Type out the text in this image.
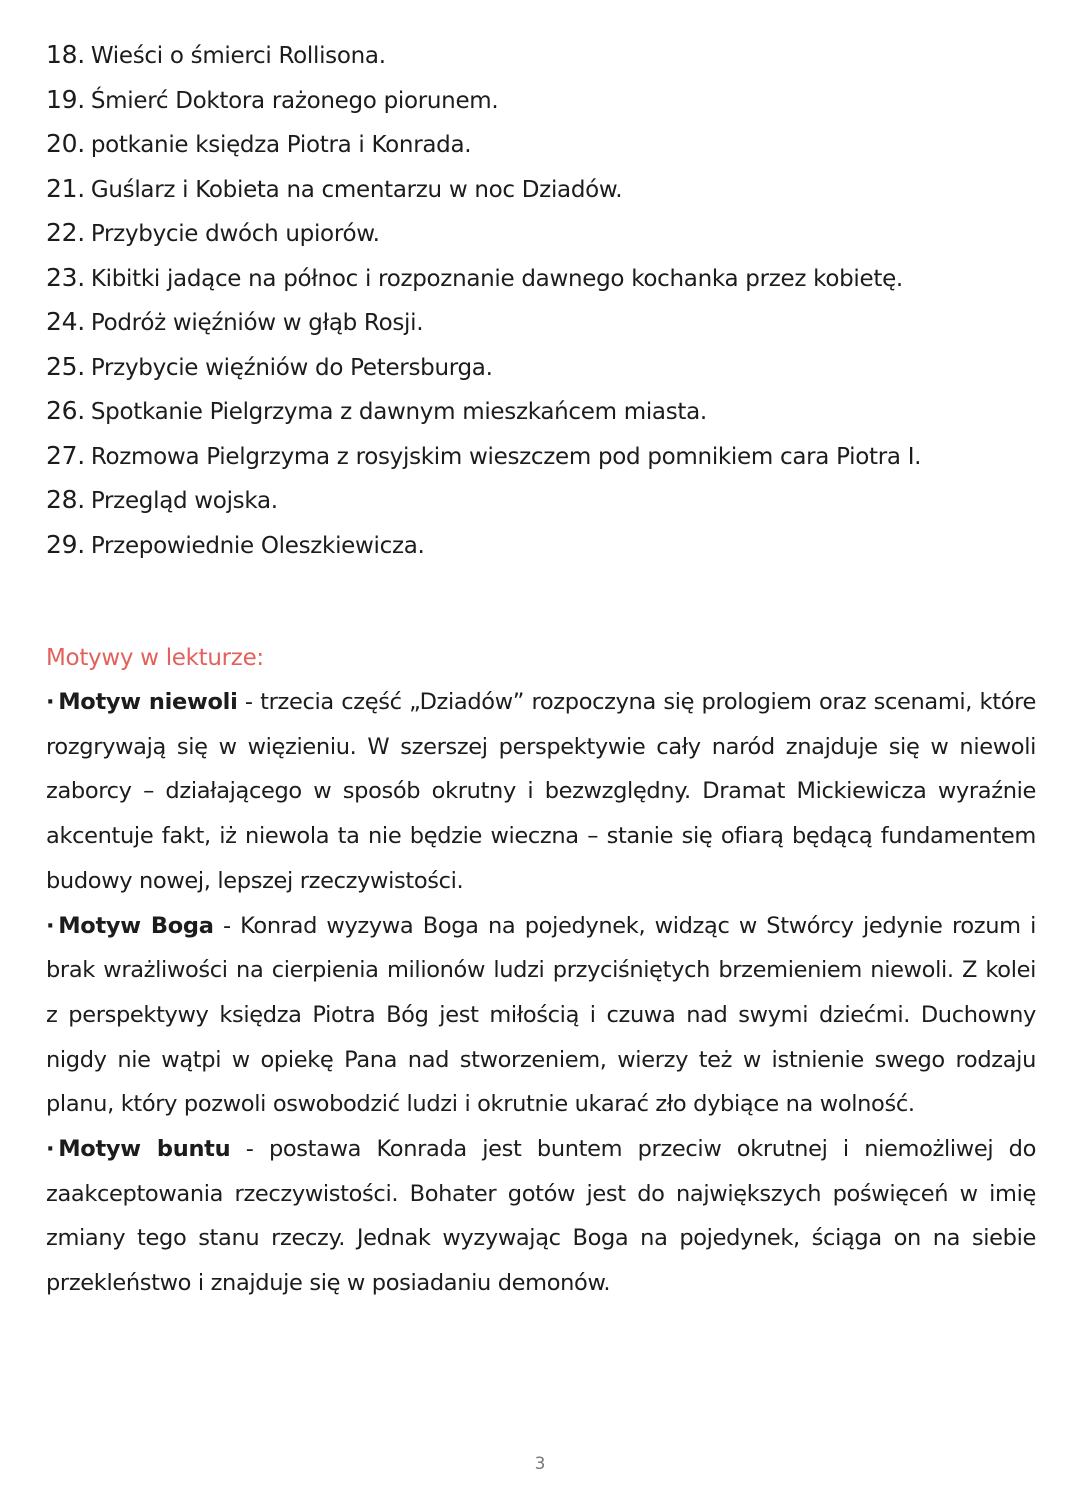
18. Wieści o śmierci Rollisona.
19. Śmierć Doktora rażonego piorunem.
20. potkanie księdza Piotra i Konrada.
21. Guślarz i Kobieta na cmentarzu w noc Dziadów.
22. Przybycie dwóch upiorów.
23. Kibitki jadące na północ i rozpoznanie dawnego kochanka przez kobietę.
24. Podróż więźniów w głąb Rosji.
25. Przybycie więźniów do Petersburga.
26. Spotkanie Pielgrzyma z dawnym mieszkańcem miasta.
27. Rozmowa Pielgrzyma z rosyjskim wieszczem pod pomnikiem cara Piotra I.
28. Przegląd wojska.
29. Przepowiednie Oleszkiewicza.
Motywy w lekturze:
· Motyw niewoli - trzecia część „Dziadów” rozpoczyna się prologiem oraz scenami, które rozgrywają się w więzieniu. W szerszej perspektywie cały naród znajduje się w niewoli zaborcy – działającego w sposób okrutny i bezwzględny. Dramat Mickiewicza wyraźnie akcentuje fakt, iż niewola ta nie będzie wieczna – stanie się ofiarą będącą fundamentem budowy nowej, lepszej rzeczywistości.
· Motyw Boga - Konrad wyzywa Boga na pojedynek, widząc w Stwórcy jedynie rozum i brak wrażliwości na cierpienia milionów ludzi przyciśniętych brzemieniem niewoli. Z kolei z perspektywy księdza Piotra Bóg jest miłością i czuwa nad swymi dziećmi. Duchowny nigdy nie wątpi w opiekę Pana nad stworzeniem, wierzy też w istnienie swego rodzaju planu, który pozwoli oswobodzić ludzi i okrutnie ukarać zło dybiące na wolność.
· Motyw buntu - postawa Konrada jest buntem przeciw okrutnej i niemożliwej do zaakceptowania rzeczywistości. Bohater gotów jest do największych poświęceń w imię zmiany tego stanu rzeczy. Jednak wyzywając Boga na pojedynek, ściąga on na siebie przekleństwo i znajduje się w posiadaniu demonów.
3
